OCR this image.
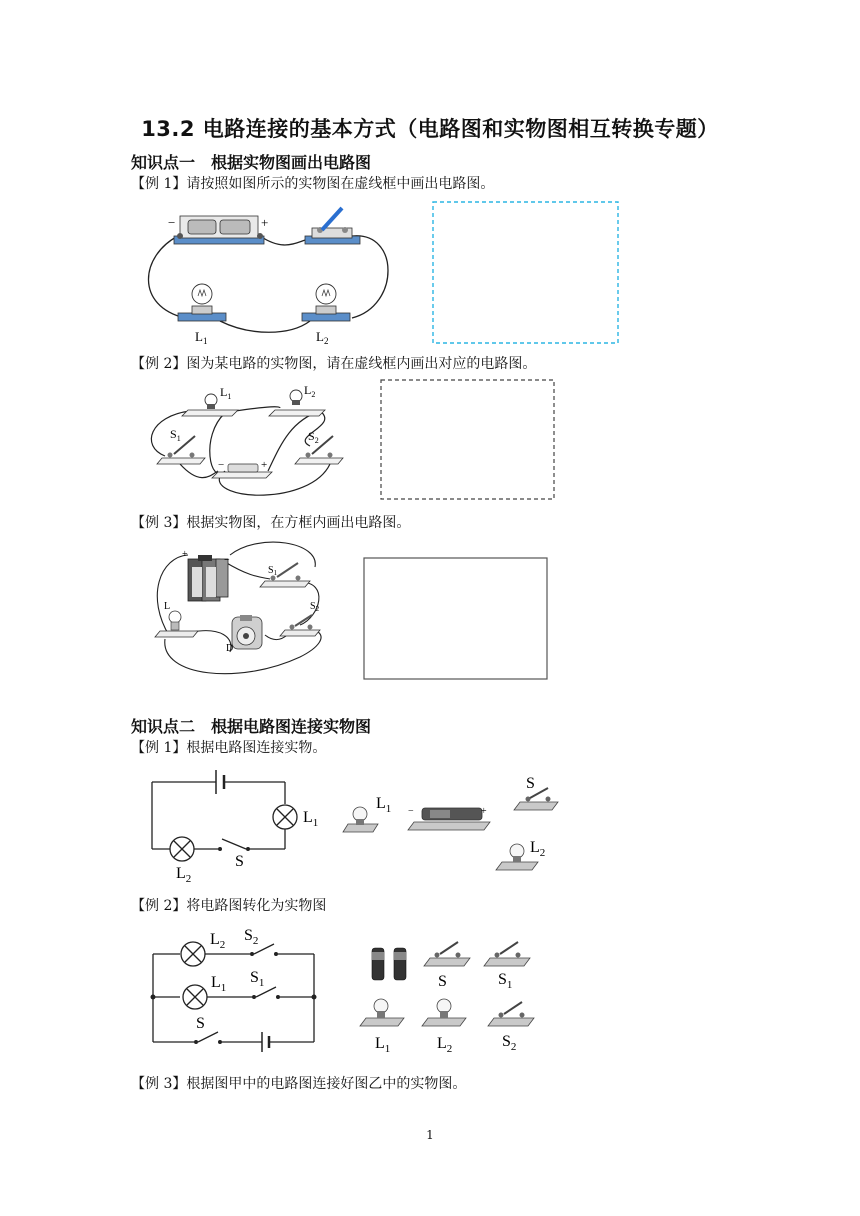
13.2 电路连接的基本方式（电路图和实物图相互转换专题）
知识点一　根据实物图画出电路图
【例 1】请按照如图所示的实物图在虚线框中画出电路图。
−	+
$L_1$	$L_2$
【例 2】图为某电路的实物图，请在虚线框内画出对应的电路图。
$L_1$	$L_2$
$S_1$	$S_2$
−	+
【例 3】根据实物图，在方框内画出电路图。
+
−
$S_1$
$S_2$
L
D
知识点二　根据电路图连接实物图
【例 1】根据电路图连接实物。
$L_1$
$L_2$
S
$L_1$ −	+
S
$L_2$
【例 2】将电路图转化为实物图
$L_2$
$S_2$
$L_1$
$S_1$
S
S	$S_1$
$L_1$	$L_2$	$S_2$
【例 3】根据图甲中的电路图连接好图乙中的实物图。
1
